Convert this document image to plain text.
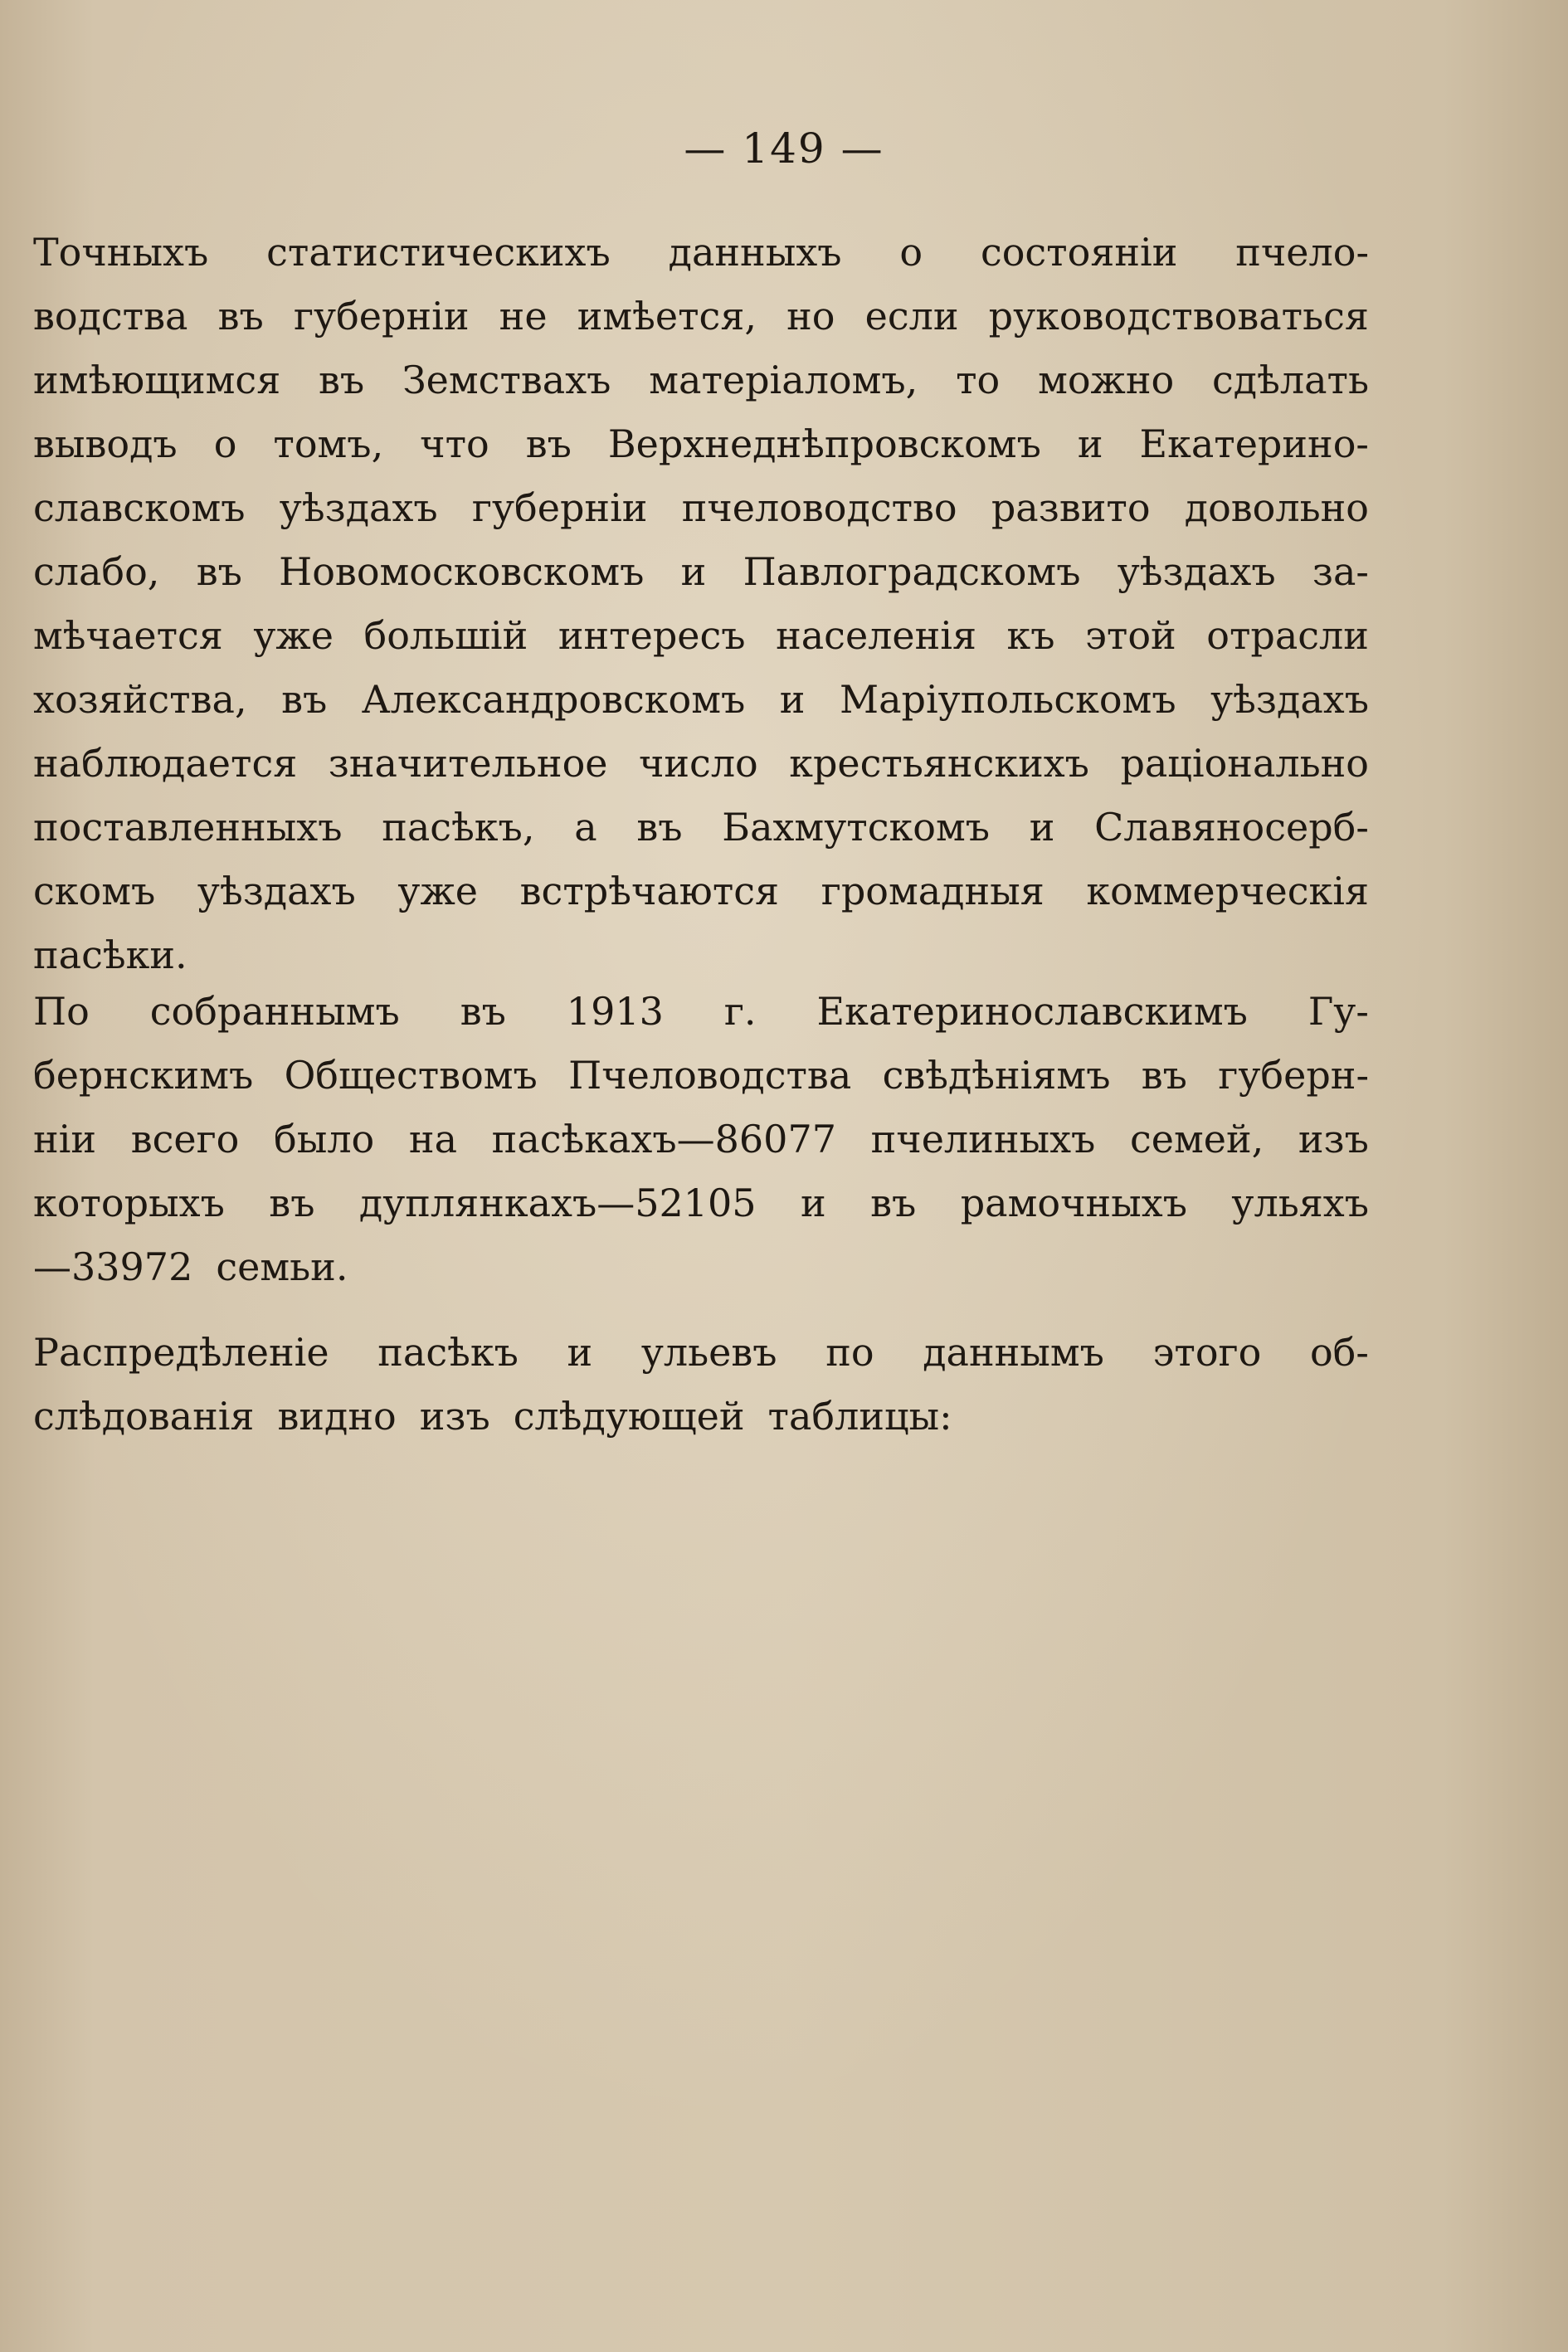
— 149 —
Точныхъ статистическихъ данныхъ о состояніи пчело-
водства въ губерніи не имѣется, но если руководствоваться
имѣющимся въ Земствахъ матеріаломъ, то можно сдѣлать
выводъ о томъ, что въ Верхнеднѣпровскомъ и Екатерино-
славскомъ уѣздахъ губерніи пчеловодство развито довольно
слабо, въ Новомосковскомъ и Павлоградскомъ уѣздахъ за-
мѣчается уже большій интересъ населенія къ этой отрасли
хозяйства, въ Александровскомъ и Маріупольскомъ уѣздахъ
наблюдается значительное число крестьянскихъ раціонально
поставленныхъ пасѣкъ, а въ Бахмутскомъ и Славяносерб-
скомъ уѣздахъ уже встрѣчаются громадныя коммерческія
пасѣки.
По собраннымъ въ 1913 г. Екатеринославскимъ Гу-
бернскимъ Обществомъ Пчеловодства свѣдѣніямъ въ губерн-
ніи всего было на пасѣкахъ—86077 пчелиныхъ семей, изъ
которыхъ въ дуплянкахъ—52105 и въ рамочныхъ ульяхъ
—33972 семьи.
Распредѣленіе пасѣкъ и ульевъ по даннымъ этого об-
слѣдованія видно изъ слѣдующей таблицы:
